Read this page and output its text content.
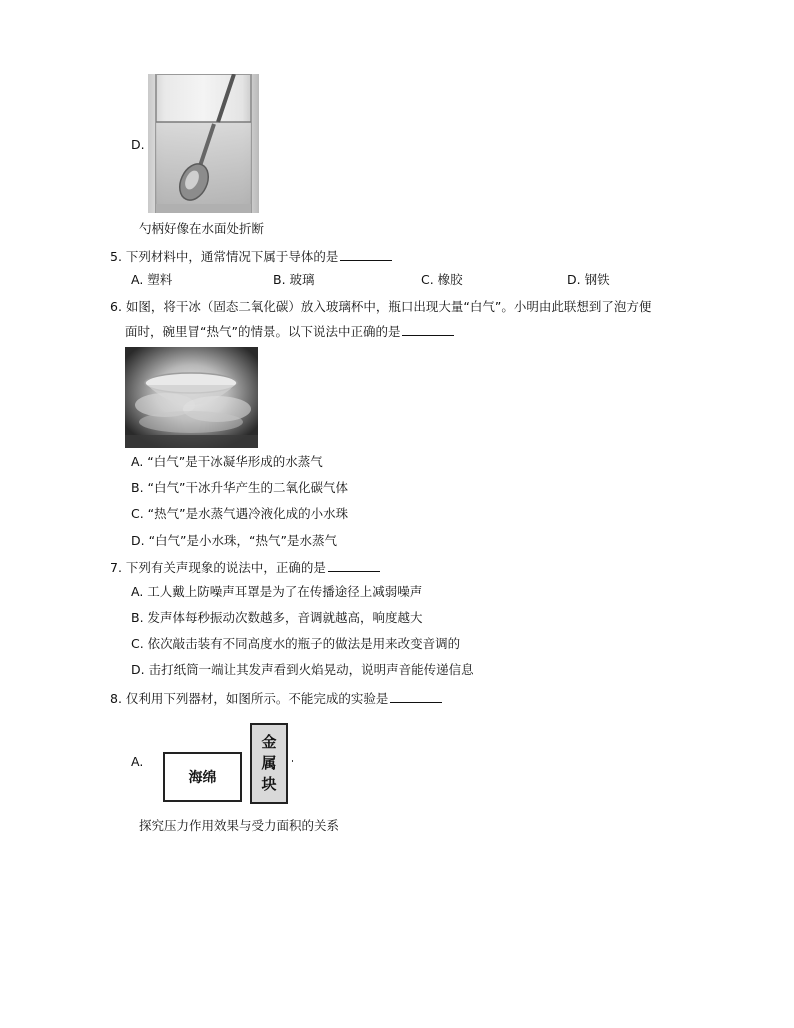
D.
勺柄好像在水面处折断
5. 下列材料中，通常情况下属于导体的是
A. 塑料	B. 玻璃	C. 橡胶	D. 钢铁
6. 如图，将干冰（固态二氧化碳）放入玻璃杯中，瓶口出现大量“白气”。小明由此联想到了泡方便
面时，碗里冒“热气”的情景。以下说法中正确的是
A. “白气”是干冰凝华形成的水蒸气
B. “白气”干冰升华产生的二氧化碳气体
C. “热气”是水蒸气遇冷液化成的小水珠
D. “白气”是小水珠，“热气”是水蒸气
7. 下列有关声现象的说法中，正确的是
A. 工人戴上防噪声耳罩是为了在传播途径上减弱噪声
B. 发声体每秒振动次数越多，音调就越高，响度越大
C. 依次敲击装有不同高度水的瓶子的做法是用来改变音调的
D. 击打纸筒一端让其发声看到火焰晃动，说明声音能传递信息
8. 仅利用下列器材，如图所示。不能完成的实验是
A.
海绵
金
属
块
探究压力作用效果与受力面积的关系
